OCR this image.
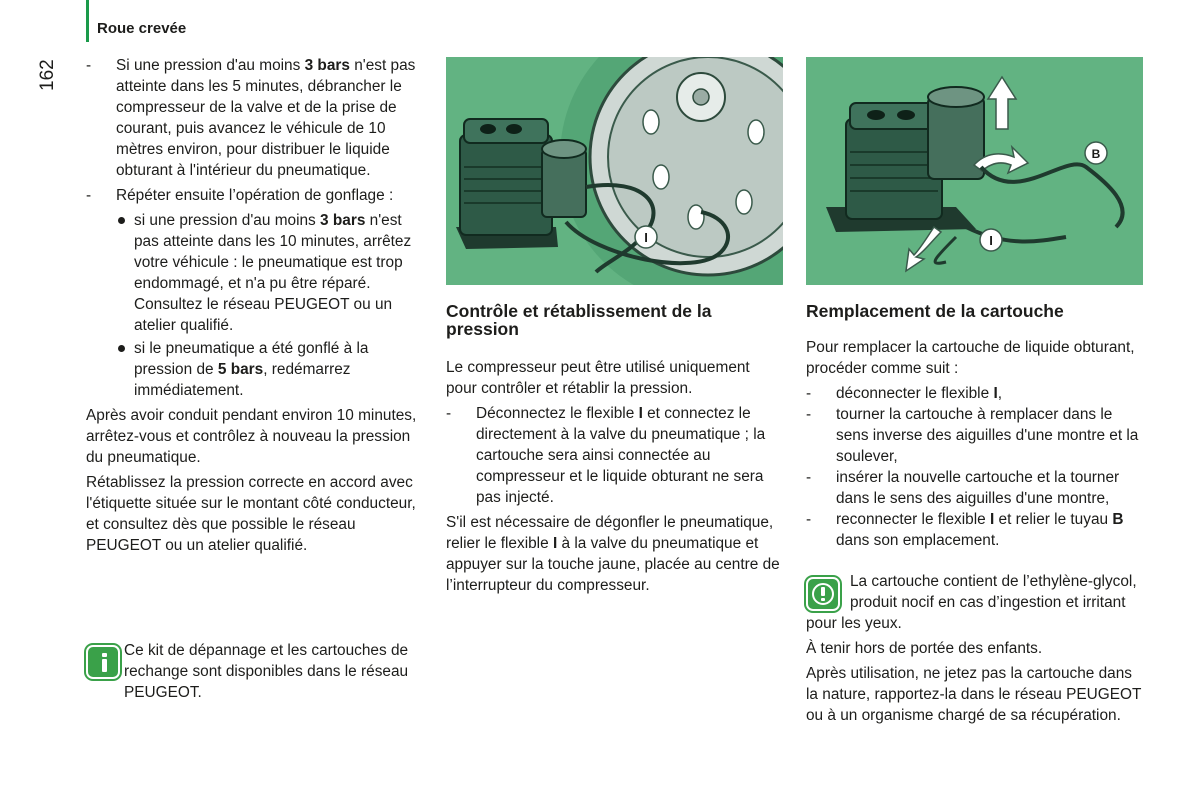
Roue crevée
162
-	Si une pression d'au moins 3 bars n'est pas atteinte dans les 5 minutes, débrancher le compresseur de la valve et de la prise de courant, puis avancez le véhicule de 10 mètres environ, pour distribuer le liquide obturant à l'intérieur du pneumatique.
- Répéter ensuite l’opération de gonflage :
si une pression d'au moins 3 bars n'est pas atteinte dans les 10 minutes, arrêtez votre véhicule : le pneumatique est trop endommagé, et n'a pu être réparé. Consultez le réseau PEUGEOT ou un atelier qualifié.
si le pneumatique a été gonflé à la pression de 5 bars, redémarrez immédiatement.

Après avoir conduit pendant environ 10 minutes, arrêtez-vous et contrôlez à nouveau la pression du pneumatique.

Rétablissez la pression correcte en accord avec l'étiquette située sur le montant côté conducteur, et consultez dès que possible le réseau PEUGEOT ou un atelier qualifié.

Ce kit de dépannage et les cartouches de rechange sont disponibles dans le réseau PEUGEOT.
I
B
I
Contrôle et rétablissement de la pression

Le compresseur peut être utilisé uniquement pour contrôler et rétablir la pression.

- Déconnectez le flexible I et connectez le directement à la valve du pneumatique ; la cartouche sera ainsi connectée au compresseur et le liquide obturant ne sera pas injecté.

S'il est nécessaire de dégonfler le pneumatique, relier le flexible I à la valve du pneumatique et appuyer sur la touche jaune, placée au centre de l’interrupteur du compresseur.

Remplacement de la cartouche

Pour remplacer la cartouche de liquide obturant, procéder comme suit :

- déconnecter le flexible I,
- tourner la cartouche à remplacer dans le sens inverse des aiguilles d'une montre et la soulever,
- insérer la nouvelle cartouche et la tourner dans le sens des aiguilles d'une montre,
- reconnecter le flexible I et relier le tuyau B dans son emplacement.

La cartouche contient de l’ethylène-glycol, produit nocif en cas d’ingestion et irritant pour les yeux.

À tenir hors de portée des enfants.

Après utilisation, ne jetez pas la cartouche dans la nature, rapportez-la dans le réseau PEUGEOT ou à un organisme chargé de sa récupération.
